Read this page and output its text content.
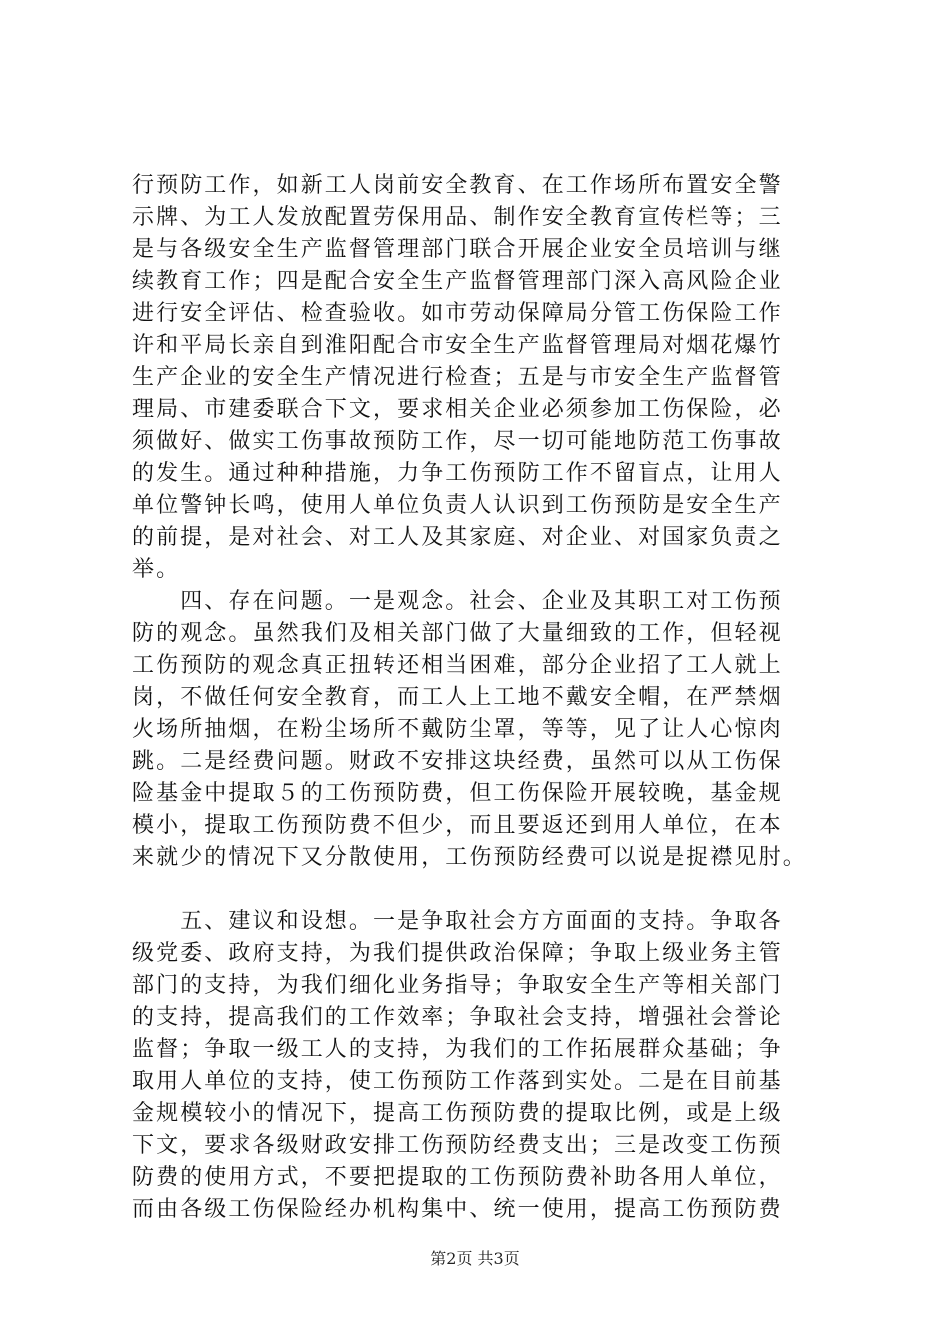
行预防工作，如新工人岗前安全教育、在工作场所布置安全警
示牌、为工人发放配置劳保用品、制作安全教育宣传栏等；三
是与各级安全生产监督管理部门联合开展企业安全员培训与继
续教育工作；四是配合安全生产监督管理部门深入高风险企业
进行安全评估、检查验收。如市劳动保障局分管工伤保险工作
许和平局长亲自到淮阳配合市安全生产监督管理局对烟花爆竹
生产企业的安全生产情况进行检查；五是与市安全生产监督管
理局、市建委联合下文，要求相关企业必须参加工伤保险，必
须做好、做实工伤事故预防工作，尽一切可能地防范工伤事故
的发生。通过种种措施，力争工伤预防工作不留盲点，让用人
单位警钟长鸣，使用人单位负责人认识到工伤预防是安全生产
的前提，是对社会、对工人及其家庭、对企业、对国家负责之
举。
　　四、存在问题。一是观念。社会、企业及其职工对工伤预
防的观念。虽然我们及相关部门做了大量细致的工作，但轻视
工伤预防的观念真正扭转还相当困难，部分企业招了工人就上
岗，不做任何安全教育，而工人上工地不戴安全帽，在严禁烟
火场所抽烟，在粉尘场所不戴防尘罩，等等，见了让人心惊肉
跳。二是经费问题。财政不安排这块经费，虽然可以从工伤保
险基金中提取５的工伤预防费，但工伤保险开展较晚，基金规
模小，提取工伤预防费不但少，而且要返还到用人单位，在本
来就少的情况下又分散使用，工伤预防经费可以说是捉襟见肘。
　　五、建议和设想。一是争取社会方方面面的支持。争取各
级党委、政府支持，为我们提供政治保障；争取上级业务主管
部门的支持，为我们细化业务指导；争取安全生产等相关部门
的支持，提高我们的工作效率；争取社会支持，增强社会誉论
监督；争取一级工人的支持，为我们的工作拓展群众基础；争
取用人单位的支持，使工伤预防工作落到实处。二是在目前基
金规模较小的情况下，提高工伤预防费的提取比例，或是上级
下文，要求各级财政安排工伤预防经费支出；三是改变工伤预
防费的使用方式，不要把提取的工伤预防费补助各用人单位，
而由各级工伤保险经办机构集中、统一使用，提高工伤预防费
第2页 共3页
